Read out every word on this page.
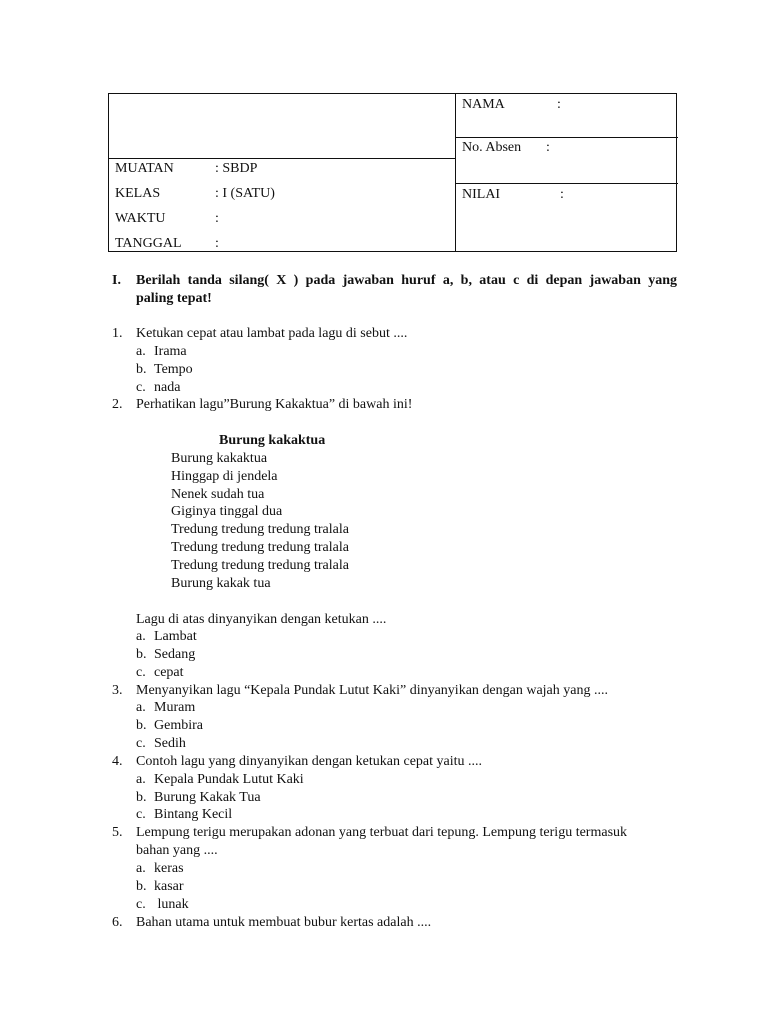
MUATAN	: SBDP
KELAS	: I (SATU)
WAKTU	:
TANGGAL :
NAMA	:
No. Absen :
NILAI	:
I. Berilah tanda silang( X ) pada jawaban huruf a, b, atau c di depan jawaban yang
paling tepat!
1. Ketukan cepat atau lambat pada lagu di sebut ....
a. Irama
b. Tempo
c. nada
2. Perhatikan lagu”Burung Kakaktua” di bawah ini!
Burung kakaktua
Burung kakaktua
Hinggap di jendela
Nenek sudah tua
Giginya tinggal dua
Tredung tredung tredung tralala
Tredung tredung tredung tralala
Tredung tredung tredung tralala
Burung kakak tua
Lagu di atas dinyanyikan dengan ketukan ....
a. Lambat
b. Sedang
c. cepat
3. Menyanyikan lagu “Kepala Pundak Lutut Kaki” dinyanyikan dengan wajah yang ....
a. Muram
b. Gembira
c. Sedih
4. Contoh lagu yang dinyanyikan dengan ketukan cepat yaitu ....
a. Kepala Pundak Lutut Kaki
b. Burung Kakak Tua
c. Bintang Kecil
5. Lempung terigu merupakan adonan yang terbuat dari tepung. Lempung terigu termasuk
bahan yang ....
a. keras
b. kasar
c. lunak
6. Bahan utama untuk membuat bubur kertas adalah ....
